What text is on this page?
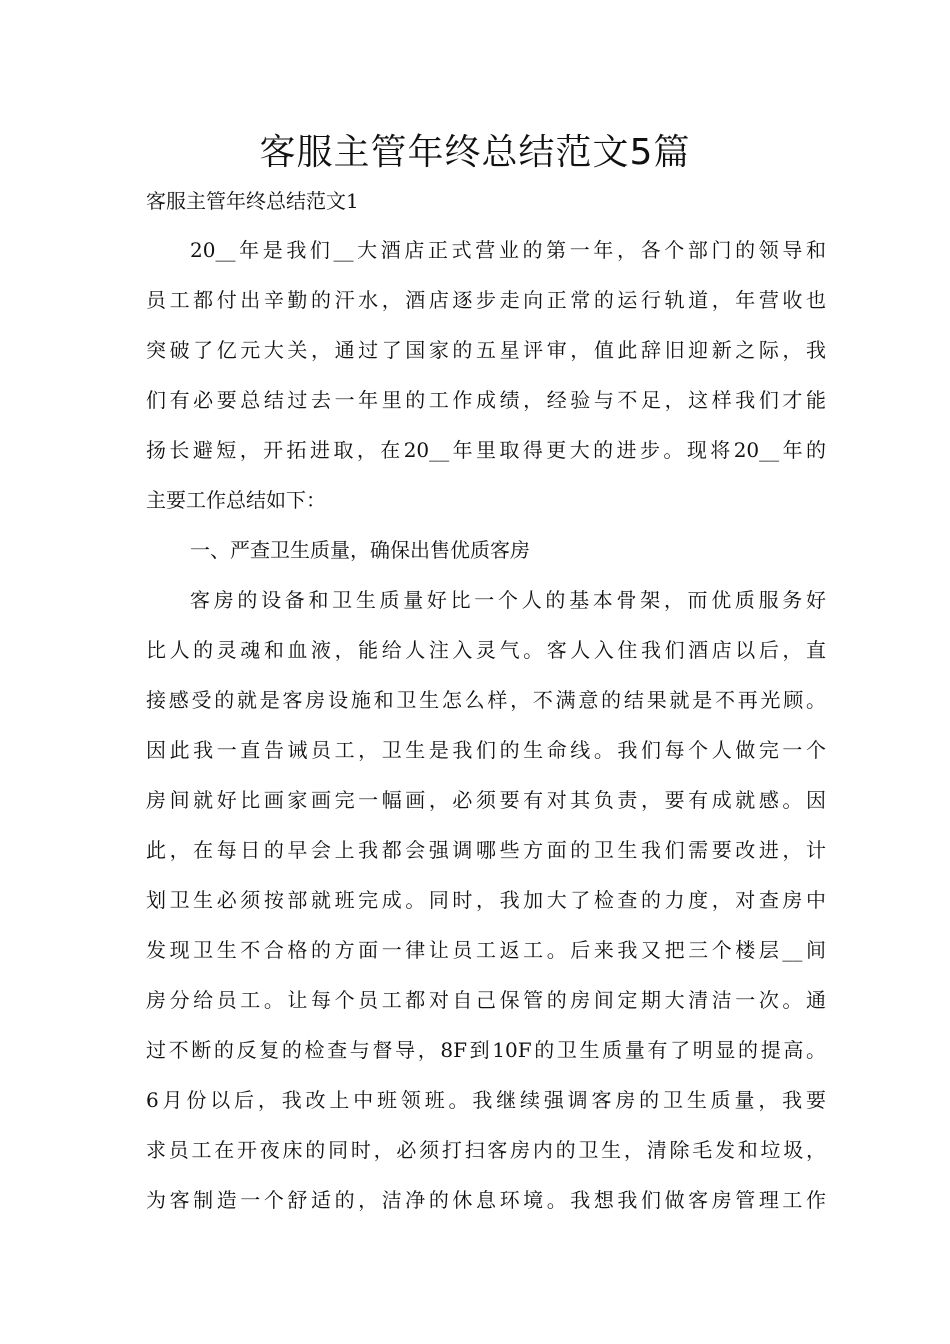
客服主管年终总结范文5篇

客服主管年终总结范文1

20__年是我们__大酒店正式营业的第一年，各个部门的领导和

员工都付出辛勤的汗水，酒店逐步走向正常的运行轨道，年营收也

突破了亿元大关，通过了国家的五星评审，值此辞旧迎新之际，我

们有必要总结过去一年里的工作成绩，经验与不足，这样我们才能

扬长避短，开拓进取，在20__年里取得更大的进步。现将20__年的

主要工作总结如下：

一、严查卫生质量，确保出售优质客房

客房的设备和卫生质量好比一个人的基本骨架，而优质服务好

比人的灵魂和血液，能给人注入灵气。客人入住我们酒店以后，直

接感受的就是客房设施和卫生怎么样，不满意的结果就是不再光顾。

因此我一直告诫员工，卫生是我们的生命线。我们每个人做完一个

房间就好比画家画完一幅画，必须要有对其负责，要有成就感。因

此，在每日的早会上我都会强调哪些方面的卫生我们需要改进，计

划卫生必须按部就班完成。同时，我加大了检查的力度，对查房中

发现卫生不合格的方面一律让员工返工。后来我又把三个楼层__间

房分给员工。让每个员工都对自己保管的房间定期大清洁一次。通

过不断的反复的检查与督导，8F到10F的卫生质量有了明显的提高。

6月份以后，我改上中班领班。我继续强调客房的卫生质量，我要

求员工在开夜床的同时，必须打扫客房内的卫生，清除毛发和垃圾，

为客制造一个舒适的，洁净的休息环境。我想我们做客房管理工作
